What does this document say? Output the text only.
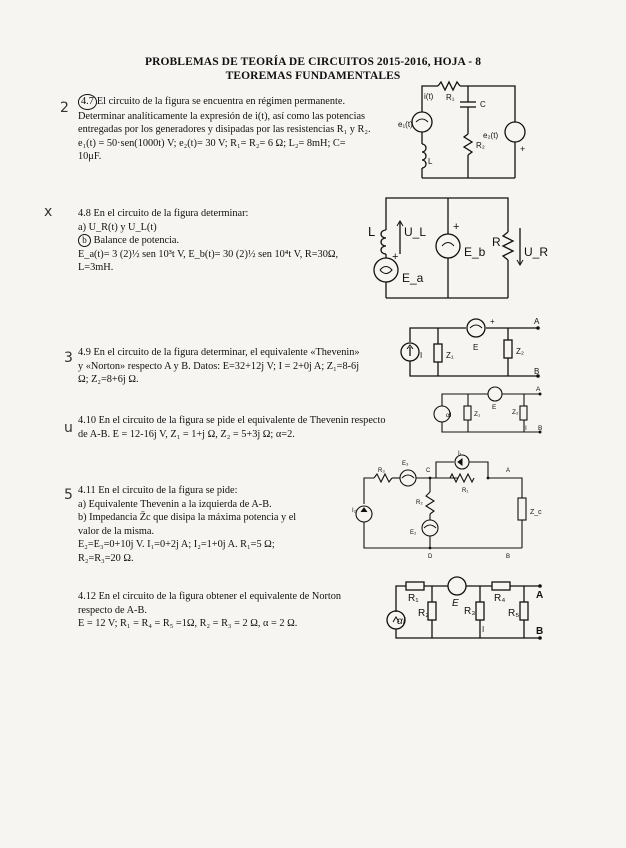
PROBLEMAS DE TEORÍA DE CIRCUITOS 2015-2016, HOJA - 8
TEOREMAS FUNDAMENTALES
2
x
3
u
5
4.7 El circuito de la figura se encuentra en régimen permanente.
Determinar analíticamente la expresión de i(t), así como las potencias
entregadas por los generadores y disipadas por las resistencias R₁ y R₂.
e₁(t) = 50·sen(1000t) V; e₂(t)= 30 V; R₁= R₂= 6 Ω; L₂= 8mH; C=
10μF.
i(t) R₁
C
e₁(t)
e₂(t)
R₂
L
+
4.8 En el circuito de la figura determinar:
a) U_R(t) y U_L(t)
b Balance de potencia.
E_a(t)= 3 (2)½ sen 10³t V, E_b(t)= 30 (2)½ sen 10⁴t V, R=30Ω,
L=3mH.
L U_L +
E_b
R
U_R
+
E_a
4.9 En el circuito de la figura determinar, el equivalente «Thevenin»
y «Norton» respecto A y B. Datos: E=32+12j V; I = 2+0j A; Z₁=8-6j
Ω; Z₂=8+6j Ω.
I	Z₁
E
+
Z₂
A
B
4.10 En el circuito de la figura se pide el equivalente de Thevenin respecto
de A-B. E = 12-16j V, Z₁ = 1+j Ω, Z₂ = 5+3j Ω; α=2.
αI	Z₁
E
Z₂
I
A
B
4.11 En el circuito de la figura se pide:
a) Equivalente Thevenin a la izquierda de A-B.
b) Impedancia Z̄c que disipa la máxima potencia y el
valor de la misma.
E₂=E₃=0+10j V. I₁=0+2j A; I₂=1+0j A. R₁=5 Ω;
R₂=R₃=20 Ω.
R₃
E₃
C
I₁
A
R₁
I₂
R₂
Z_c
E₂
D	B
4.12 En el circuito de la figura obtener el equivalente de Norton
respecto de A-B.
E = 12 V; R₁ = R₄ = R₅ =1Ω, R₂ = R₃ = 2 Ω, α = 2 Ω.
R₁
R₂
E
R₃
R₄
R₅
αI
I
A
B
